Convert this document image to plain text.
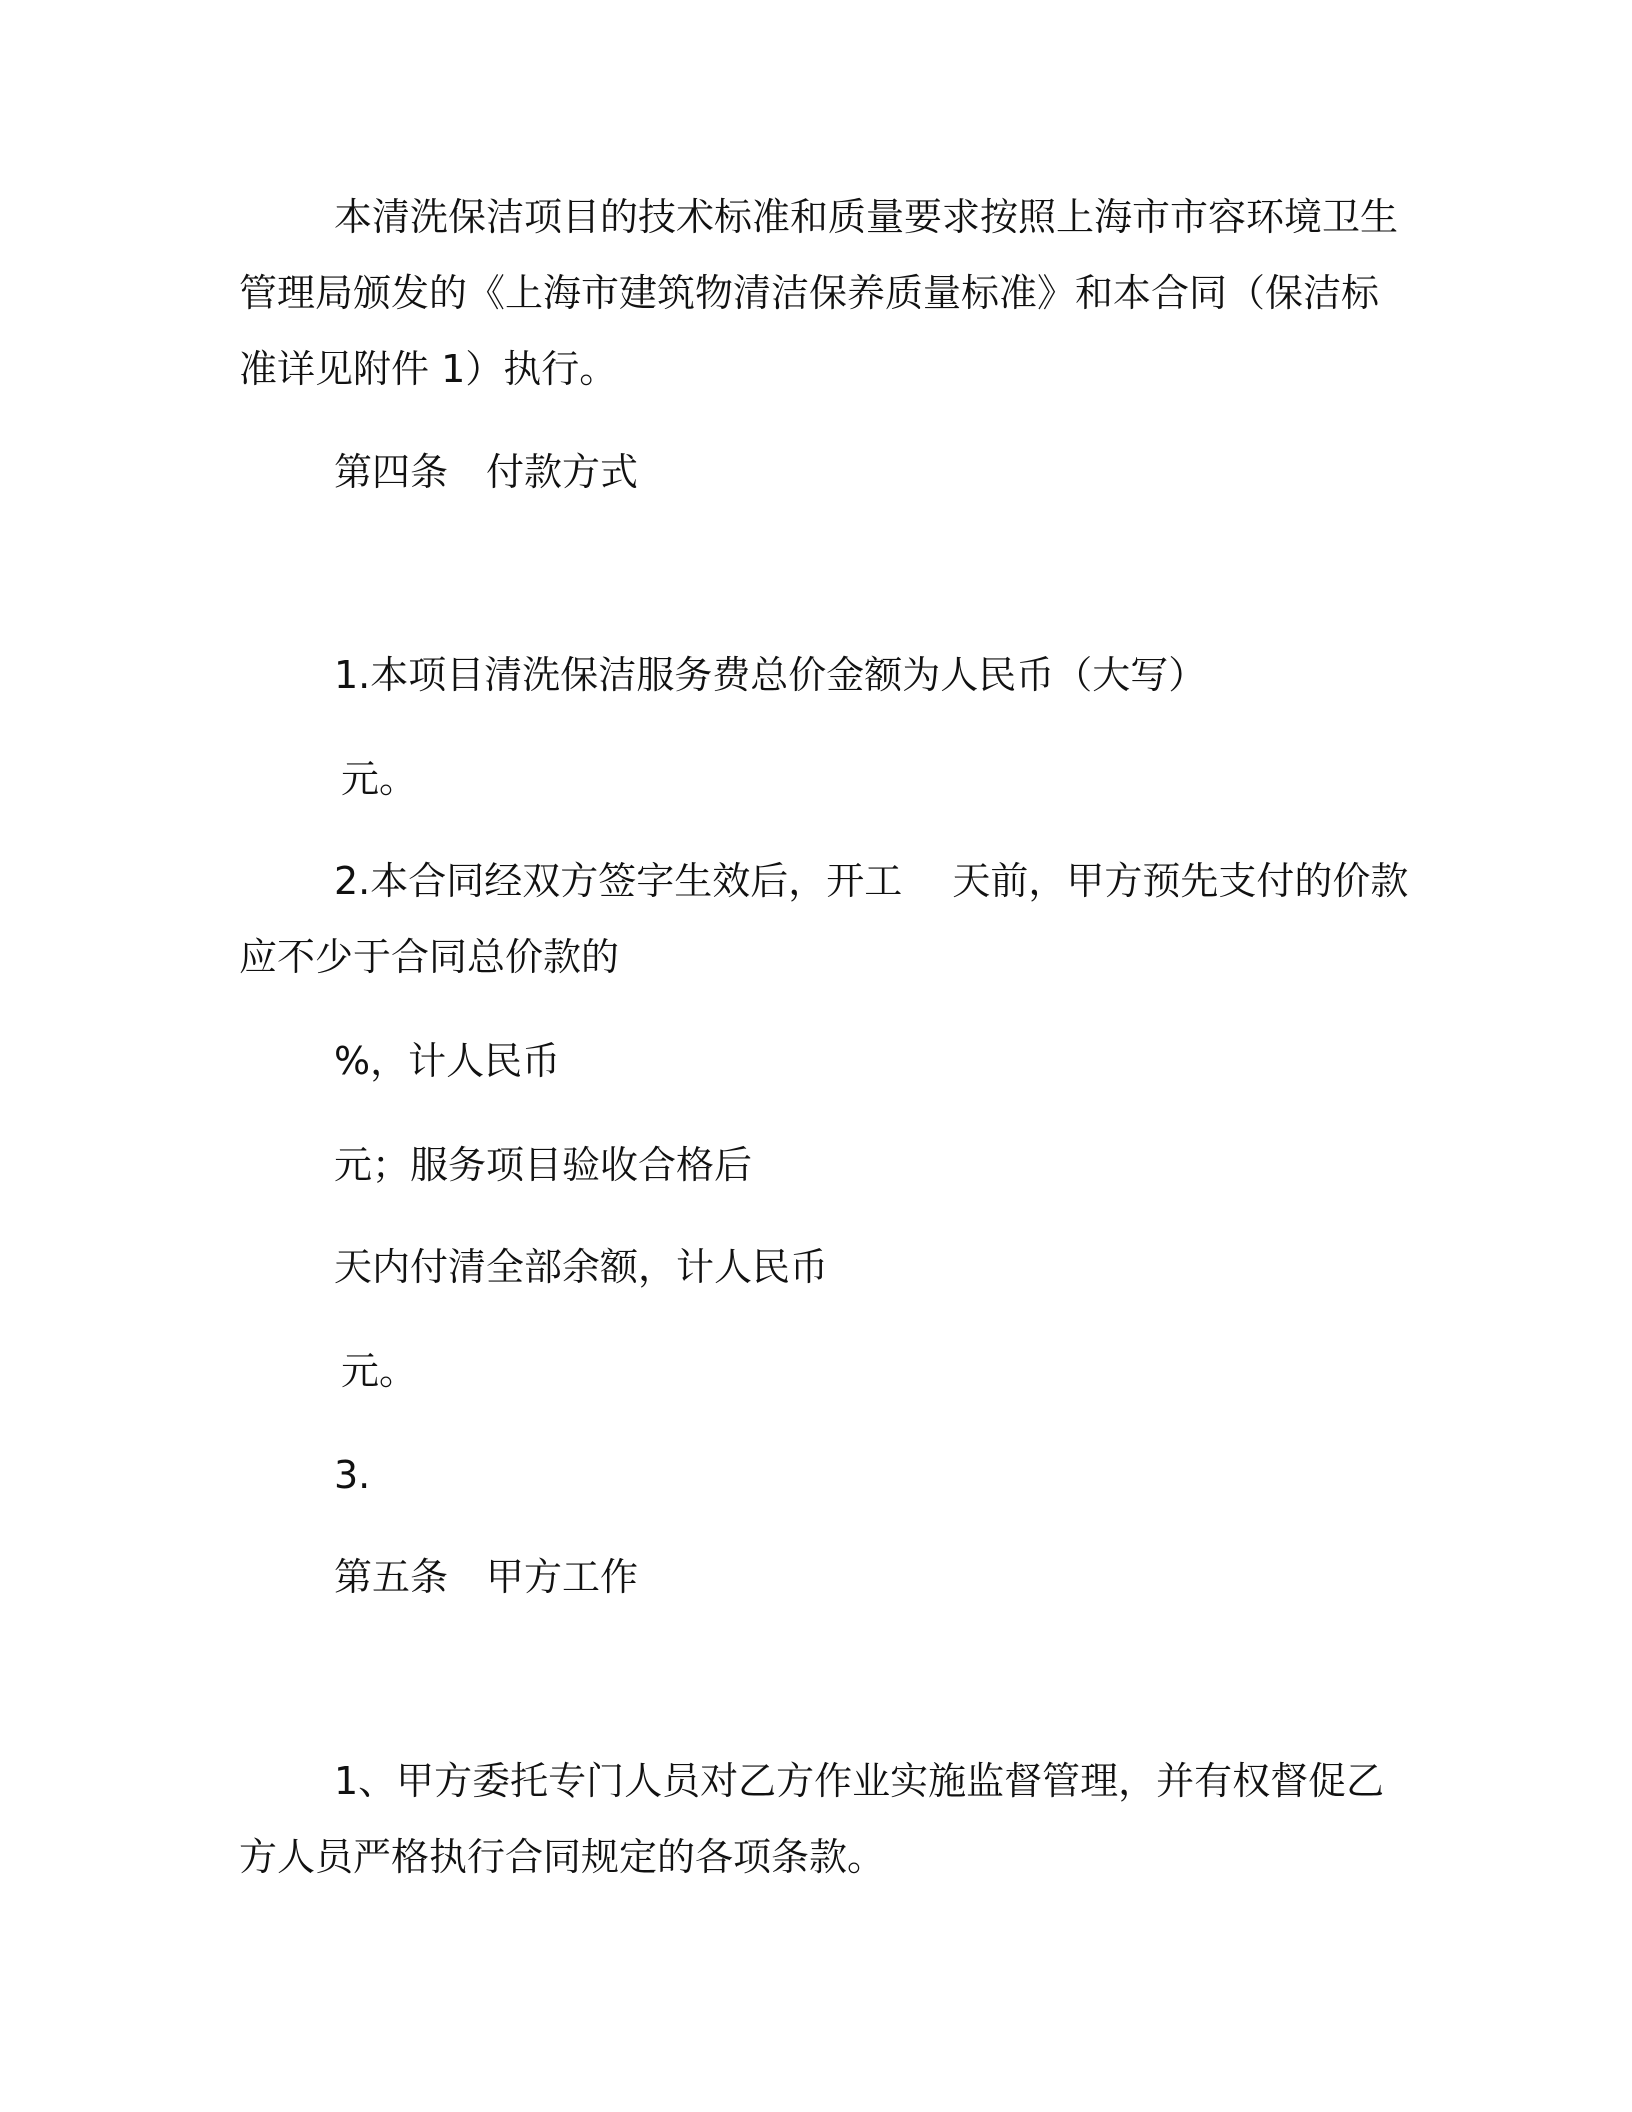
本清洗保洁项目的技术标准和质量要求按照上海市市容环境卫生

管理局颁发的《上海市建筑物清洁保养质量标准》和本合同（保洁标

准详见附件 1）执行。

第四条　付款方式

1.本项目清洗保洁服务费总价金额为人民币（大写）

元。

2.本合同经双方签字生效后，开工　 天前，甲方预先支付的价款

应不少于合同总价款的

%，计人民币

元；服务项目验收合格后

天内付清全部余额，计人民币

元。

3.

第五条　甲方工作

1、甲方委托专门人员对乙方作业实施监督管理，并有权督促乙

方人员严格执行合同规定的各项条款。
